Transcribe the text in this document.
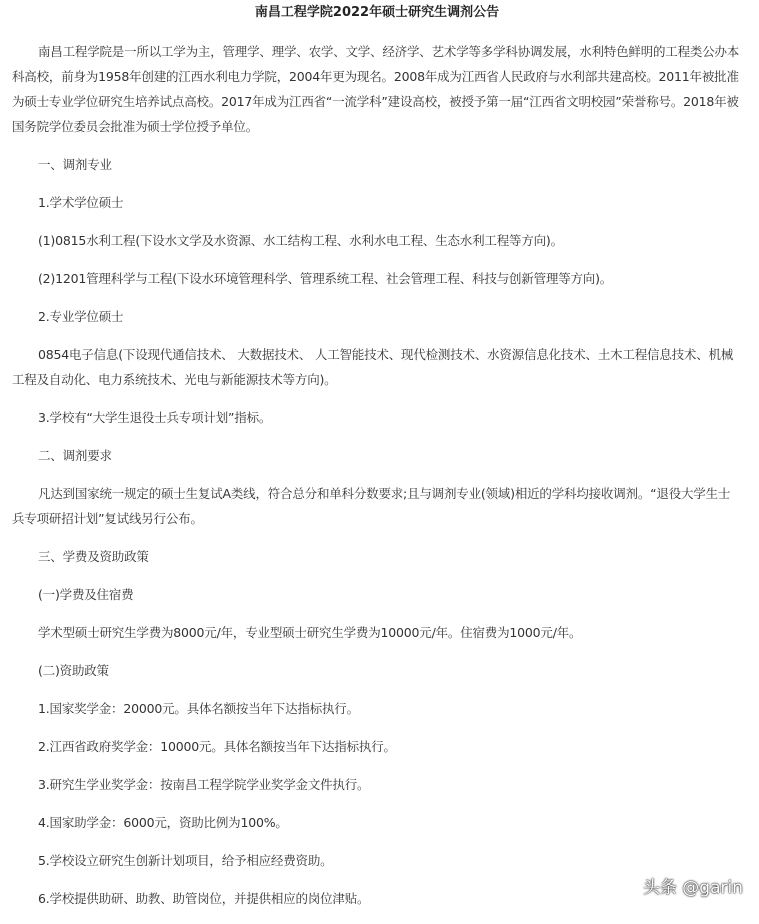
南昌工程学院2022年硕士研究生调剂公告

南昌工程学院是一所以工学为主，管理学、理学、农学、文学、经济学、艺术学等多学科协调发展，水利特色鲜明的工程类公办本科高校，前身为1958年创建的江西水利电力学院，2004年更为现名。2008年成为江西省人民政府与水利部共建高校。2011年被批准为硕士专业学位研究生培养试点高校。2017年成为江西省“一流学科”建设高校，被授予第一届“江西省文明校园”荣誉称号。2018年被国务院学位委员会批准为硕士学位授予单位。

一、调剂专业

1.学术学位硕士

(1)0815水利工程(下设水文学及水资源、水工结构工程、水利水电工程、生态水利工程等方向)。

(2)1201管理科学与工程(下设水环境管理科学、管理系统工程、社会管理工程、科技与创新管理等方向)。

2.专业学位硕士

0854电子信息(下设现代通信技术、 大数据技术、 人工智能技术、现代检测技术、水资源信息化技术、土木工程信息技术、机械工程及自动化、电力系统技术、光电与新能源技术等方向)。

3.学校有“大学生退役士兵专项计划”指标。

二、调剂要求

凡达到国家统一规定的硕士生复试A类线，符合总分和单科分数要求;且与调剂专业(领域)相近的学科均接收调剂。“退役大学生士兵专项研招计划”复试线另行公布。

三、学费及资助政策

(一)学费及住宿费

学术型硕士研究生学费为8000元/年，专业型硕士研究生学费为10000元/年。住宿费为1000元/年。

(二)资助政策

1.国家奖学金：20000元。具体名额按当年下达指标执行。

2.江西省政府奖学金：10000元。具体名额按当年下达指标执行。

3.研究生学业奖学金：按南昌工程学院学业奖学金文件执行。

4.国家助学金：6000元，资助比例为100%。

5.学校设立研究生创新计划项目，给予相应经费资助。

6.学校提供助研、助教、助管岗位，并提供相应的岗位津贴。

头条 @garin
